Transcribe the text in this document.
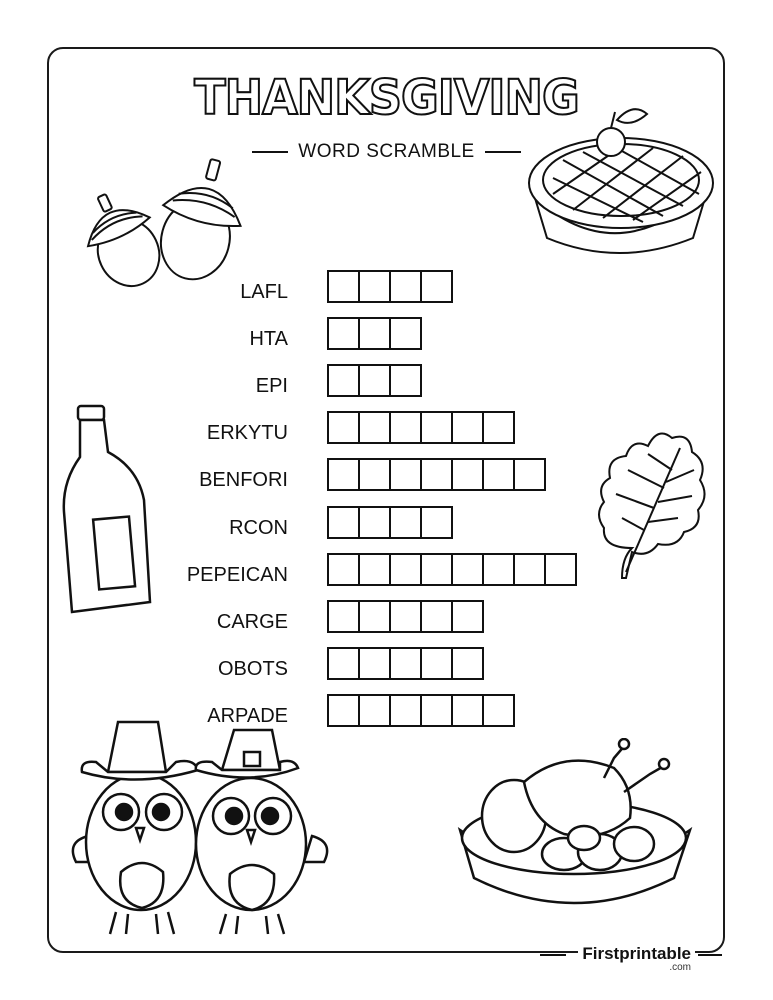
THANKSGIVING
WORD SCRAMBLE
LAFL
HTA
EPI
ERKYTU
BENFORI
RCON
PEPEICAN
CARGE
OBOTS
ARPADE
Firstprintable
.com
